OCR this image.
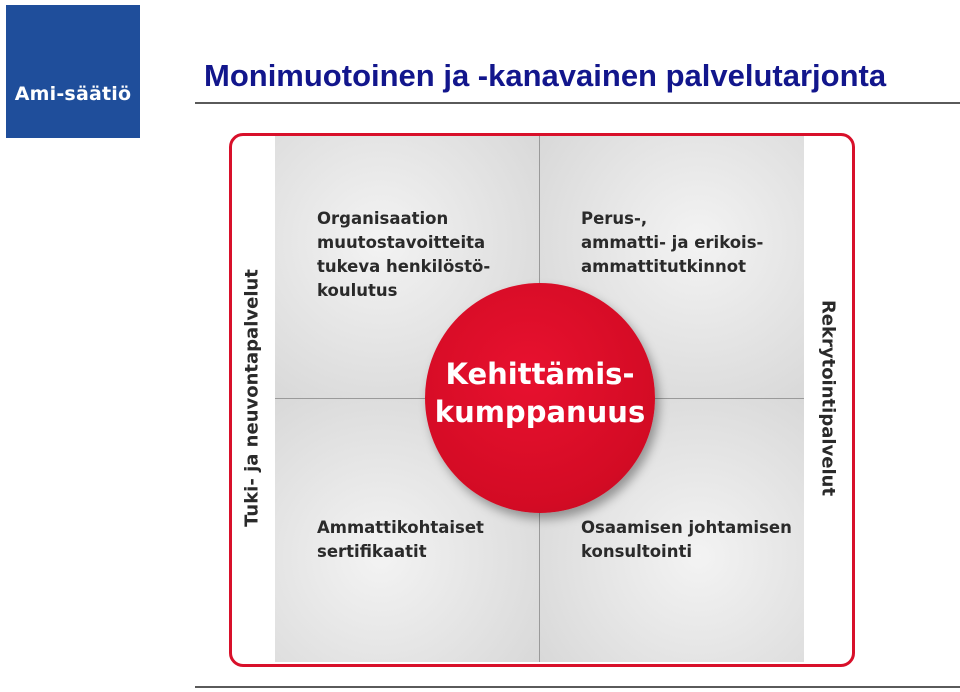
Ami-säätiö
Monimuotoinen ja -kanavainen palvelutarjonta
Organisaation
muutostavoitteita
tukeva henkilöstö-
koulutus
Perus-,
ammatti- ja erikois-
ammattitutkinnot
Ammattikohtaiset
sertifikaatit
Osaamisen johtamisen
konsultointi
Kehittämis-
kumppanuus
Tuki- ja neuvontapalvelut	Rekrytointipalvelut
